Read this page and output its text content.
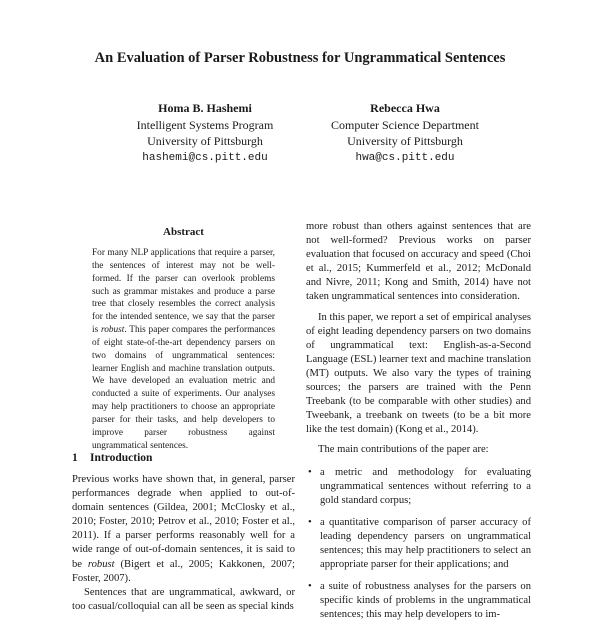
An Evaluation of Parser Robustness for Ungrammatical Sentences
Homa B. Hashemi
Intelligent Systems Program
University of Pittsburgh
hashemi@cs.pitt.edu
Rebecca Hwa
Computer Science Department
University of Pittsburgh
hwa@cs.pitt.edu
Abstract
For many NLP applications that require a parser, the sentences of interest may not be well-formed. If the parser can overlook problems such as grammar mistakes and produce a parse tree that closely resembles the correct analysis for the intended sentence, we say that the parser is robust. This paper compares the performances of eight state-of-the-art dependency parsers on two domains of ungrammatical sentences: learner English and machine translation outputs. We have developed an evaluation metric and conducted a suite of experiments. Our analyses may help practitioners to choose an appropriate parser for their tasks, and help developers to improve parser robustness against ungrammatical sentences.
1 Introduction

Previous works have shown that, in general, parser performances degrade when applied to out-of-domain sentences (Gildea, 2001; McClosky et al., 2010; Foster, 2010; Petrov et al., 2010; Foster et al., 2011). If a parser performs reasonably well for a wide range of out-of-domain sentences, it is said to be robust (Bigert et al., 2005; Kakkonen, 2007; Foster, 2007).

Sentences that are ungrammatical, awkward, or too casual/colloquial can all be seen as special kinds

more robust than others against sentences that are not well-formed? Previous works on parser evaluation that focused on accuracy and speed (Choi et al., 2015; Kummerfeld et al., 2012; McDonald and Nivre, 2011; Kong and Smith, 2014) have not taken ungrammatical sentences into consideration.

In this paper, we report a set of empirical analyses of eight leading dependency parsers on two domains of ungrammatical text: English-as-a-Second Language (ESL) learner text and machine translation (MT) outputs. We also vary the types of training sources; the parsers are trained with the Penn Treebank (to be comparable with other studies) and Tweebank, a treebank on tweets (to be a bit more like the test domain) (Kong et al., 2014).

The main contributions of the paper are:

• a metric and methodology for evaluating ungrammatical sentences without referring to a gold standard corpus;
• a quantitative comparison of parser accuracy of leading dependency parsers on ungrammatical sentences; this may help practitioners to select an appropriate parser for their applications; and
• a suite of robustness analyses for the parsers on specific kinds of problems in the ungrammatical sentences; this may help developers to im-
